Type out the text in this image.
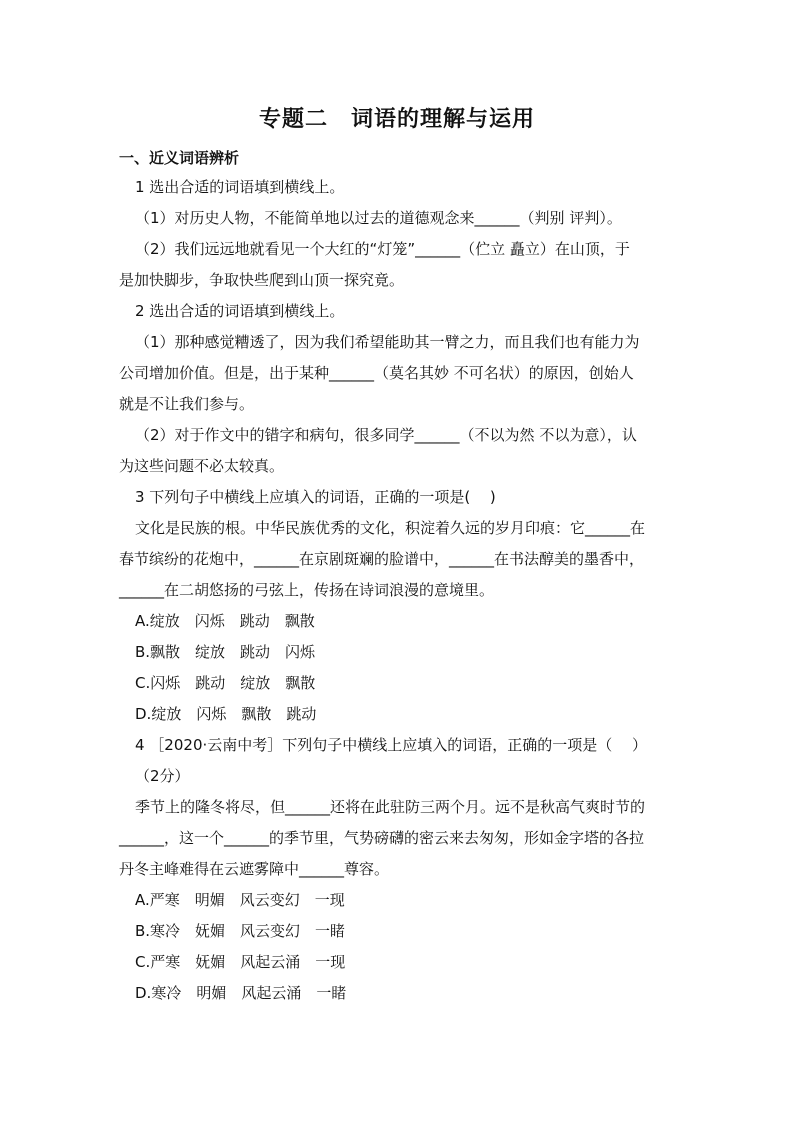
专题二　词语的理解与运用
一、近义词语辨析
1 选出合适的词语填到横线上。
（1）对历史人物，不能简单地以过去的道德观念来______（判别 评判）。
（2）我们远远地就看见一个大红的“灯笼”______（伫立 矗立）在山顶，于
是加快脚步，争取快些爬到山顶一探究竟。
2 选出合适的词语填到横线上。
（1）那种感觉糟透了，因为我们希望能助其一臂之力，而且我们也有能力为
公司增加价值。但是，出于某种______（莫名其妙 不可名状）的原因，创始人
就是不让我们参与。
（2）对于作文中的错字和病句，很多同学______（不以为然 不以为意），认
为这些问题不必太较真。
3 下列句子中横线上应填入的词语，正确的一项是(　 )
文化是民族的根。中华民族优秀的文化，积淀着久远的岁月印痕：它______在
春节缤纷的花炮中，______在京剧斑斓的脸谱中，______在书法醇美的墨香中，
______在二胡悠扬的弓弦上，传扬在诗词浪漫的意境里。
A.绽放　闪烁　跳动　飘散
B.飘散　绽放　跳动　闪烁
C.闪烁　跳动　绽放　飘散
D.绽放　闪烁　飘散　跳动
4 ［2020·云南中考］下列句子中横线上应填入的词语，正确的一项是（　 ）
（2分）
季节上的隆冬将尽，但______还将在此驻防三两个月。远不是秋高气爽时节的
______，这一个______的季节里，气势磅礴的密云来去匆匆，形如金字塔的各拉
丹冬主峰难得在云遮雾障中______尊容。
A.严寒　明媚　风云变幻　一现
B.寒冷　妩媚　风云变幻　一睹
C.严寒　妩媚　风起云涌　一现
D.寒冷　明媚　风起云涌　一睹
